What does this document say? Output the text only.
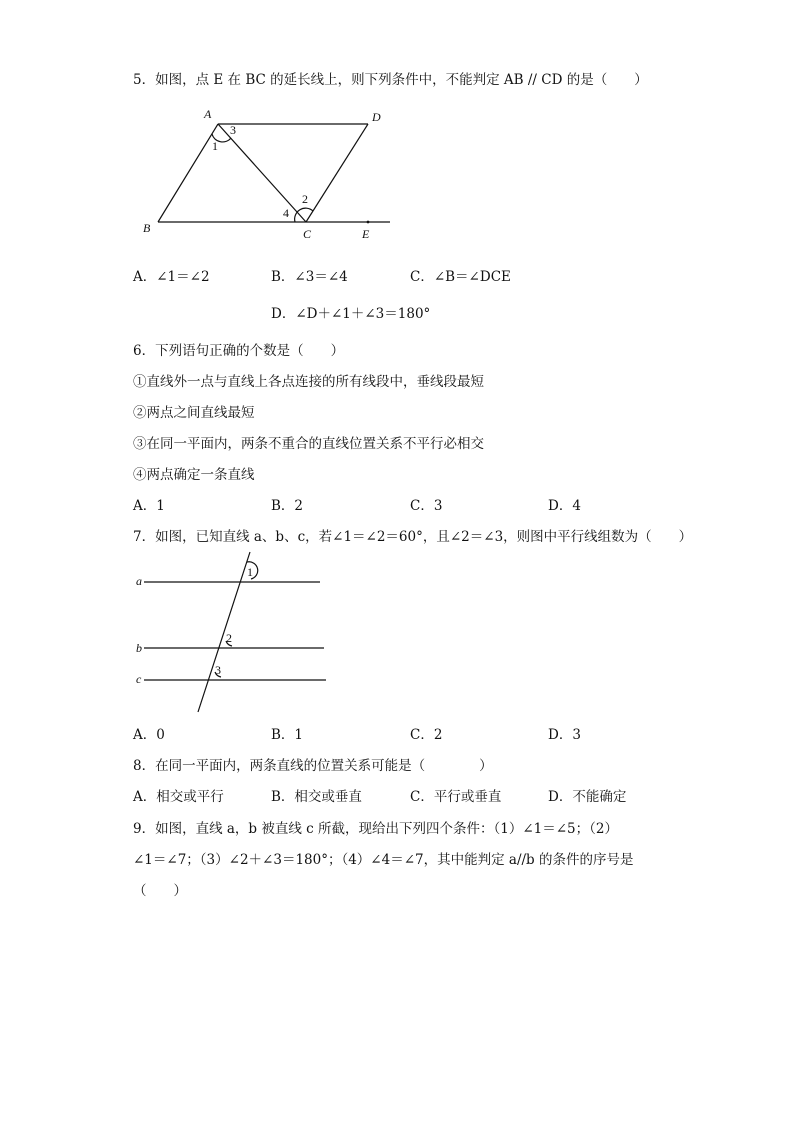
5．如图，点 E 在 BC 的延长线上，则下列条件中，不能判定 AB // CD 的是（　　）
A	D
B	C	E
1
3
2
4
A．∠1＝∠2	B．∠3＝∠4	C．∠B＝∠DCE
D．∠D＋∠1＋∠3＝180°
6．下列语句正确的个数是（　　）
①直线外一点与直线上各点连接的所有线段中，垂线段最短
②两点之间直线最短
③在同一平面内，两条不重合的直线位置关系不平行必相交
④两点确定一条直线
A．1	B．2	C．3	D．4
7．如图，已知直线 a、b、c，若∠1＝∠2＝60°，且∠2＝∠3，则图中平行线组数为（　　）
a
b
c
1
2
3
A．0	B．1	C．2	D．3
8．在同一平面内，两条直线的位置关系可能是（　　　　）
A．相交或平行	B．相交或垂直	C．平行或垂直	D．不能确定
9．如图，直线 a，b 被直线 c 所截，现给出下列四个条件：（1）∠1＝∠5；（2）
∠1＝∠7；（3）∠2＋∠3＝180°；（4）∠4＝∠7，其中能判定 a//b 的条件的序号是
（　　）
